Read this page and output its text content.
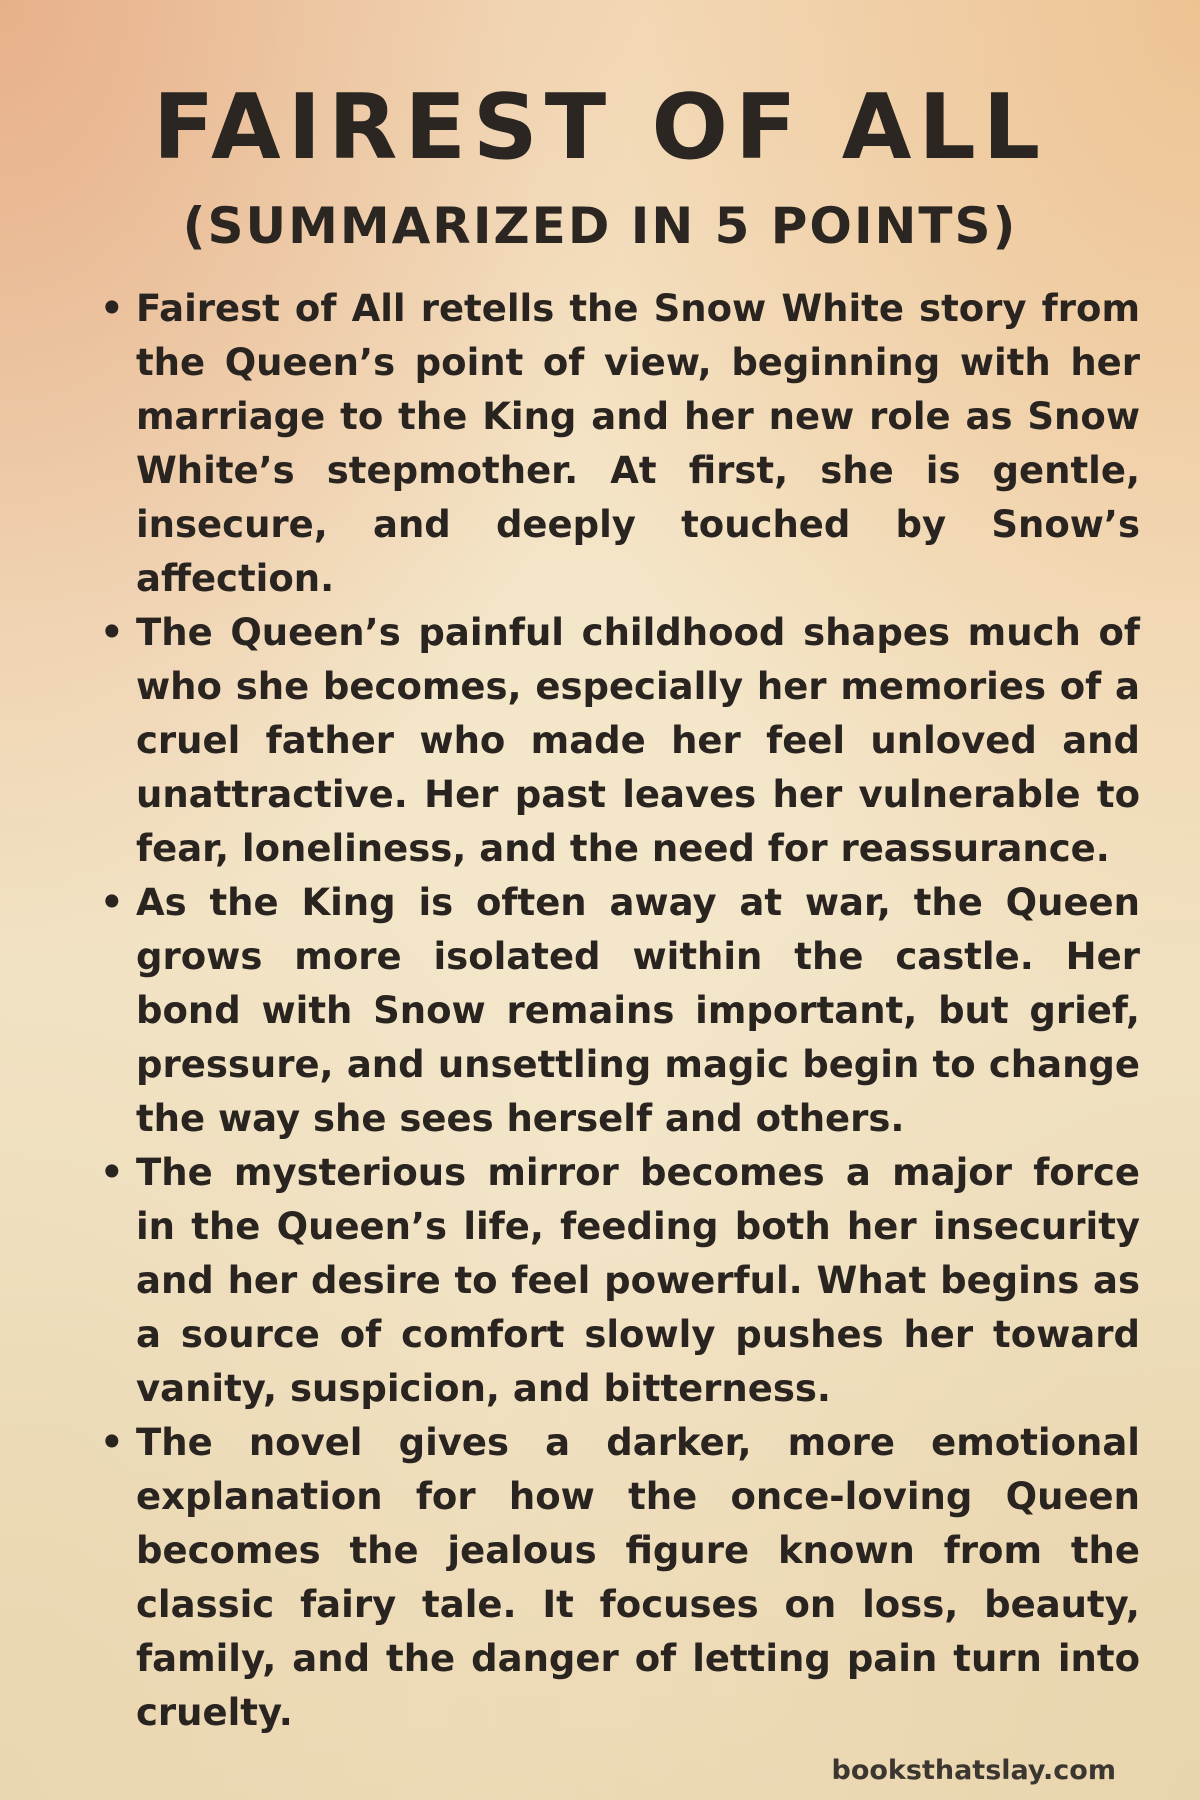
FAIREST OF ALL
(SUMMARIZED IN 5 POINTS)
• Fairest of All retells the Snow White story from the Queen’s point of view, beginning with her marriage to the King and her new role as Snow White’s stepmother. At first, she is gentle, insecure, and deeply touched by Snow’s affection.
• The Queen’s painful childhood shapes much of who she becomes, especially her memories of a cruel father who made her feel unloved and unattractive. Her past leaves her vulnerable to fear, loneliness, and the need for reassurance.
• As the King is often away at war, the Queen grows more isolated within the castle. Her bond with Snow remains important, but grief, pressure, and unsettling magic begin to change the way she sees herself and others.
• The mysterious mirror becomes a major force in the Queen’s life, feeding both her insecurity and her desire to feel powerful. What begins as a source of comfort slowly pushes her toward vanity, suspicion, and bitterness.
• The novel gives a darker, more emotional explanation for how the once-loving Queen becomes the jealous figure known from the classic fairy tale. It focuses on loss, beauty, family, and the danger of letting pain turn into cruelty.
booksthatslay.com
